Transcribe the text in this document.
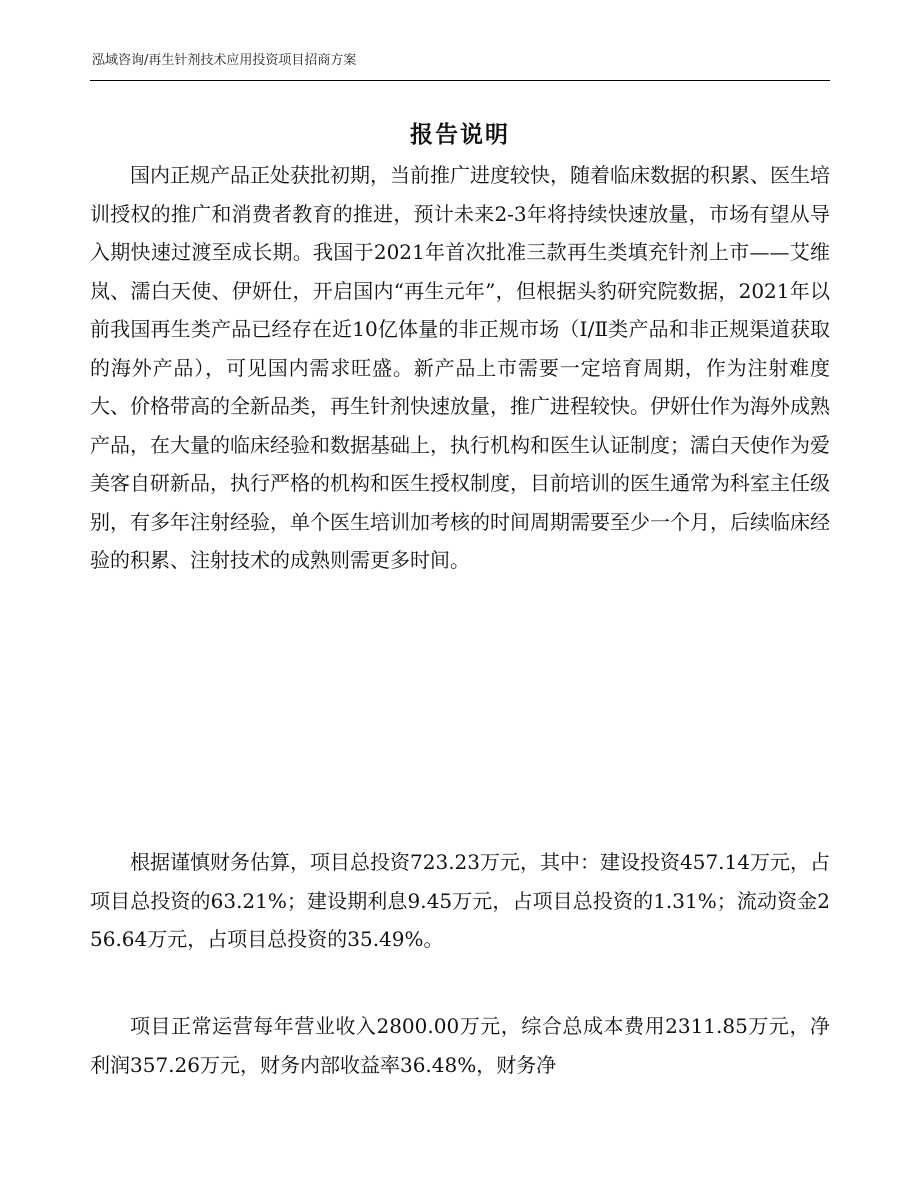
泓域咨询/再生针剂技术应用投资项目招商方案
报告说明

国内正规产品正处获批初期，当前推广进度较快，随着临床数据的积累、医生培训授权的推广和消费者教育的推进，预计未来2-3年将持续快速放量，市场有望从导入期快速过渡至成长期。我国于2021年首次批准三款再生类填充针剂上市——艾维岚、濡白天使、伊妍仕，开启国内“再生元年”，但根据头豹研究院数据，2021年以前我国再生类产品已经存在近10亿体量的非正规市场（Ⅰ/Ⅱ类产品和非正规渠道获取的海外产品），可见国内需求旺盛。新产品上市需要一定培育周期，作为注射难度大、价格带高的全新品类，再生针剂快速放量，推广进程较快。伊妍仕作为海外成熟产品，在大量的临床经验和数据基础上，执行机构和医生认证制度；濡白天使作为爱美客自研新品，执行严格的机构和医生授权制度，目前培训的医生通常为科室主任级别，有多年注射经验，单个医生培训加考核的时间周期需要至少一个月，后续临床经验的积累、注射技术的成熟则需更多时间。

根据谨慎财务估算，项目总投资723.23万元，其中：建设投资457.14万元，占项目总投资的63.21%；建设期利息9.45万元，占项目总投资的1.31%；流动资金256.64万元，占项目总投资的35.49%。

项目正常运营每年营业收入2800.00万元，综合总成本费用2311.85万元，净利润357.26万元，财务内部收益率36.48%，财务净
